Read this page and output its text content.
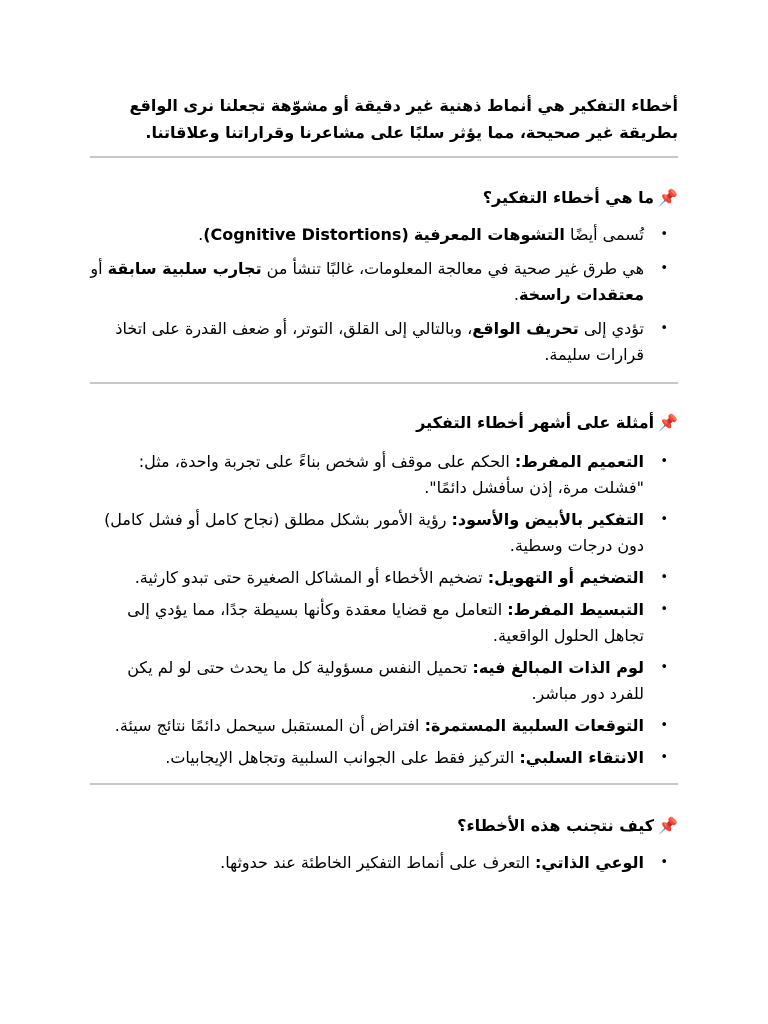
أخطاء التفكير هي أنماط ذهنية غير دقيقة أو مشوّهة تجعلنا نرى الواقع بطريقة غير صحيحة، مما يؤثر سلبًا على مشاعرنا وقراراتنا وعلاقاتنا.

📌ما هي أخطاء التفكير؟
•
تُسمى أيضًا التشوهات المعرفية (Cognitive Distortions).
•
هي طرق غير صحية في معالجة المعلومات، غالبًا تنشأ من تجارب سلبية سابقة أو معتقدات راسخة.
•
تؤدي إلى تحريف الواقع، وبالتالي إلى القلق، التوتر، أو ضعف القدرة على اتخاذ قرارات سليمة.
📌أمثلة على أشهر أخطاء التفكير
•
التعميم المفرط: الحكم على موقف أو شخص بناءً على تجربة واحدة، مثل: "فشلت مرة، إذن سأفشل دائمًا".
•
التفكير بالأبيض والأسود: رؤية الأمور بشكل مطلق (نجاح كامل أو فشل كامل) دون درجات وسطية.
•
التضخيم أو التهويل: تضخيم الأخطاء أو المشاكل الصغيرة حتى تبدو كارثية.
•
التبسيط المفرط: التعامل مع قضايا معقدة وكأنها بسيطة جدًا، مما يؤدي إلى تجاهل الحلول الواقعية.
•
لوم الذات المبالغ فيه: تحميل النفس مسؤولية كل ما يحدث حتى لو لم يكن للفرد دور مباشر.
•
التوقعات السلبية المستمرة: افتراض أن المستقبل سيحمل دائمًا نتائج سيئة.
•
الانتقاء السلبي: التركيز فقط على الجوانب السلبية وتجاهل الإيجابيات.
📌كيف نتجنب هذه الأخطاء؟
•
الوعي الذاتي: التعرف على أنماط التفكير الخاطئة عند حدوثها.
